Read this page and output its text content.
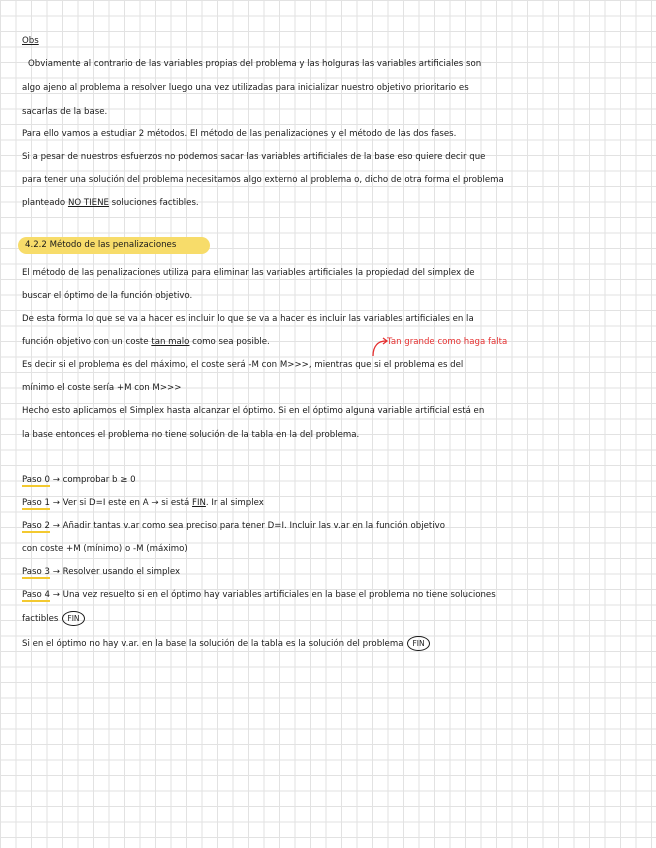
Obs
Obviamente al contrario de las variables propias del problema y las holguras las variables artificiales son
algo ajeno al problema a resolver luego una vez utilizadas para inicializar nuestro objetivo prioritario es
sacarlas de la base.
Para ello vamos a estudiar 2 métodos. El método de las penalizaciones y el método de las dos fases.
Si a pesar de nuestros esfuerzos no podemos sacar las variables artificiales de la base eso quiere decir que
para tener una solución del problema necesitamos algo externo al problema o, dicho de otra forma el problema
planteado NO TIENE soluciones factibles.
4.2.2 Método de las penalizaciones
El método de las penalizaciones utiliza para eliminar las variables artificiales la propiedad del simplex de
buscar el óptimo de la función objetivo.
De esta forma lo que se va a hacer es incluir lo que se va a hacer es incluir las variables artificiales en la
función objetivo con un coste tan malo como sea posible.	Tan grande como haga falta
Es decir si el problema es del máximo, el coste será -M con M>>>, mientras que si el problema es del
mínimo el coste sería +M con M>>>
Hecho esto aplicamos el Simplex hasta alcanzar el óptimo. Si en el óptimo alguna variable artificial está en
la base entonces el problema no tiene solución de la tabla en la del problema.
Paso 0 → comprobar b ≥ 0
Paso 1 → Ver si D=I este en A → si está FIN. Ir al simplex
Paso 2 → Añadir tantas v.ar como sea preciso para tener D=I. Incluir las v.ar en la función objetivo
con coste +M (mínimo) o -M (máximo)
Paso 3 → Resolver usando el simplex
Paso 4 → Una vez resuelto si en el óptimo hay variables artificiales en la base el problema no tiene soluciones
factibles FIN
Si en el óptimo no hay v.ar. en la base la solución de la tabla es la solución del problema FIN
